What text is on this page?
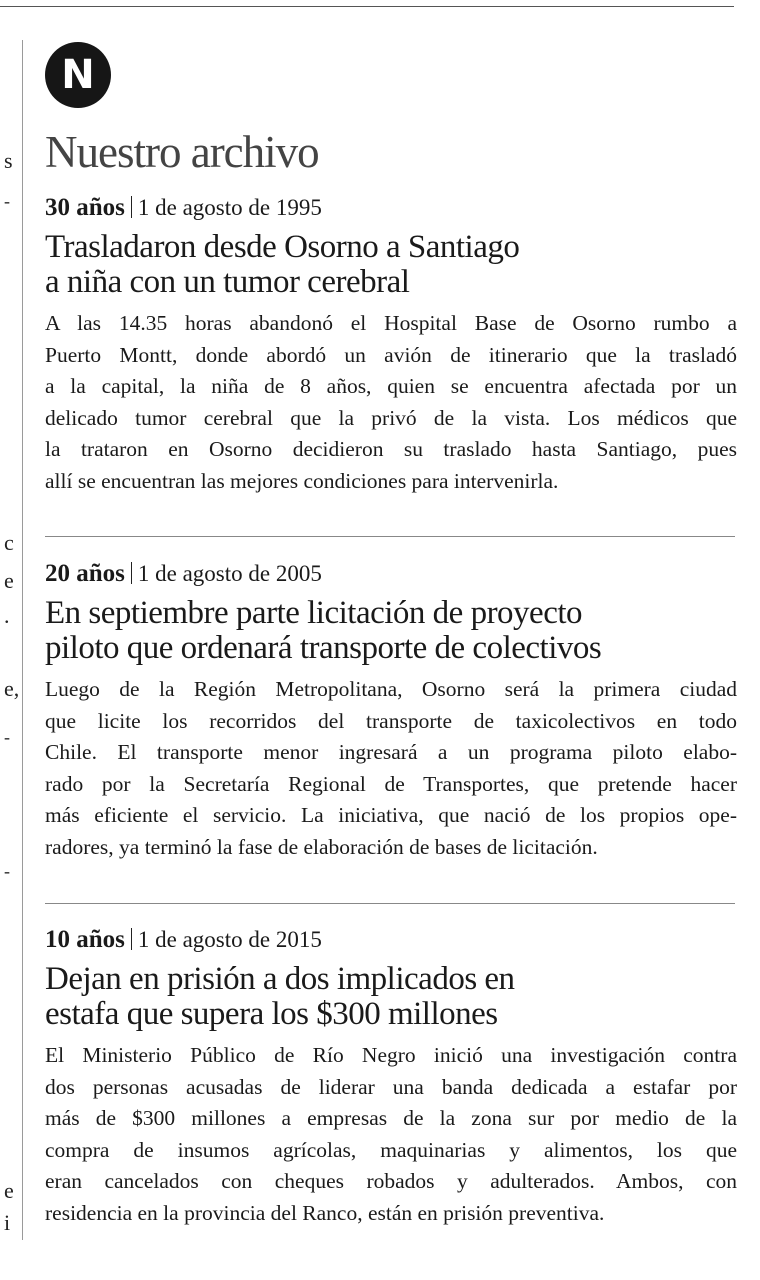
s
-
c
e
.
e,
-
-
e
i
N
Nuestro archivo
30 años 1 de agosto de 1995
Trasladaron desde Osorno a Santiago
a niña con un tumor cerebral
A las 14.35 horas abandonó el Hospital Base de Osorno rumbo a
Puerto Montt, donde abordó un avión de itinerario que la trasladó
a la capital, la niña de 8 años, quien se encuentra afectada por un
delicado tumor cerebral que la privó de la vista. Los médicos que
la trataron en Osorno decidieron su traslado hasta Santiago, pues
allí se encuentran las mejores condiciones para intervenirla.
20 años 1 de agosto de 2005
En septiembre parte licitación de proyecto
piloto que ordenará transporte de colectivos
Luego de la Región Metropolitana, Osorno será la primera ciudad
que licite los recorridos del transporte de taxicolectivos en todo
Chile. El transporte menor ingresará a un programa piloto elabo-
rado por la Secretaría Regional de Transportes, que pretende hacer
más eficiente el servicio. La iniciativa, que nació de los propios ope-
radores, ya terminó la fase de elaboración de bases de licitación.
10 años 1 de agosto de 2015
Dejan en prisión a dos implicados en
estafa que supera los $300 millones
El Ministerio Público de Río Negro inició una investigación contra
dos personas acusadas de liderar una banda dedicada a estafar por
más de $300 millones a empresas de la zona sur por medio de la
compra de insumos agrícolas, maquinarias y alimentos, los que
eran cancelados con cheques robados y adulterados. Ambos, con
residencia en la provincia del Ranco, están en prisión preventiva.
